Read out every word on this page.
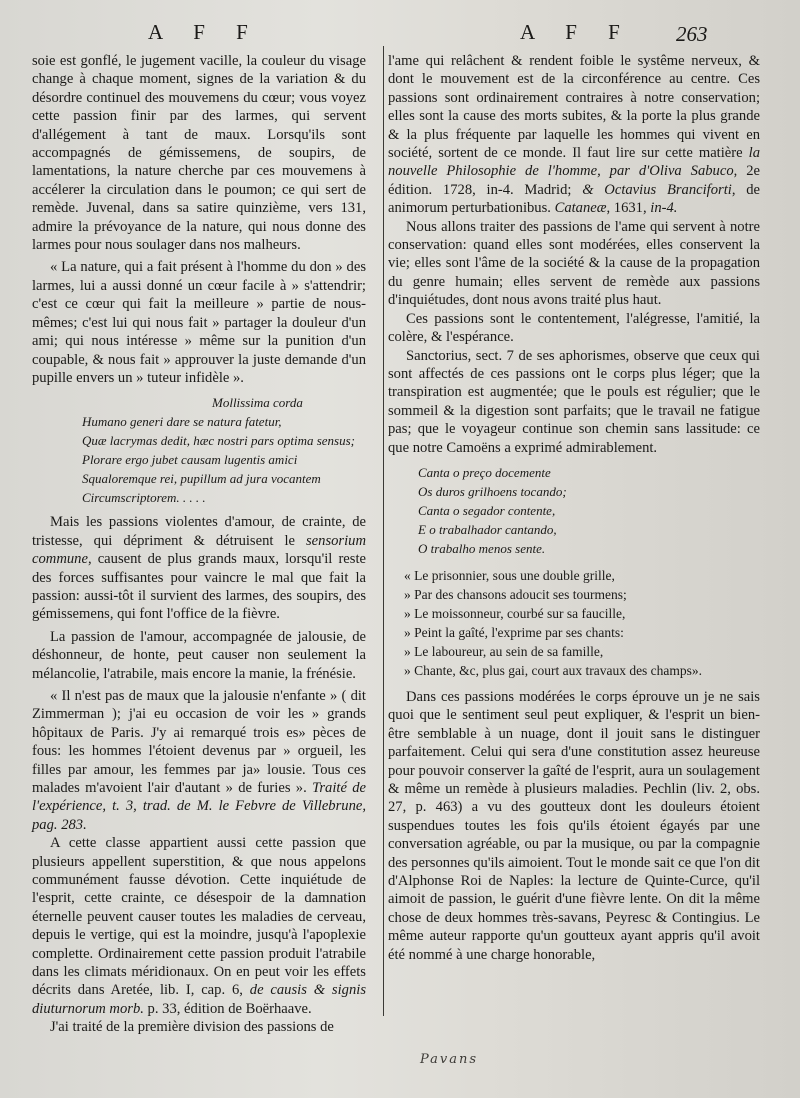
A F F	A F F 263

soie est gonflé, le jugement vacille, la couleur du visage change à chaque moment, signes de la variation & du désordre continuel des mouvemens du cœur; vous voyez cette passion finir par des larmes, qui servent d'allégement à tant de maux. Lorsqu'ils sont accompagnés de gémissemens, de soupirs, de lamentations, la nature cherche par ces mouvemens à accélerer la circulation dans le poumon; ce qui sert de remède. Juvenal, dans sa satire quinzième, vers 131, admire la prévoyance de la nature, qui nous donne des larmes pour nous soulager dans nos malheurs.

« La nature, qui a fait présent à l'homme du don » des larmes, lui a aussi donné un cœur facile à » s'attendrir; c'est ce cœur qui fait la meilleure » partie de nous-mêmes; c'est lui qui nous fait » partager la douleur d'un ami; qui nous intéresse » même sur la punition d'un coupable, & nous fait » approuver la juste demande d'un pupille envers un » tuteur infidèle ».

Mollissima corda
Humano generi dare se natura fatetur,
Quæ lacrymas dedit, hæc nostri pars optima sensus;
Plorare ergo jubet causam lugentis amici
Squaloremque rei, pupillum ad jura vocantem
Circumscriptorem. . . . .

Mais les passions violentes d'amour, de crainte, de tristesse, qui dépriment & détruisent le sensorium commune, causent de plus grands maux, lorsqu'il reste des forces suffisantes pour vaincre le mal que fait la passion: aussi-tôt il survient des larmes, des soupirs, des gémissemens, qui font l'office de la fièvre.

La passion de l'amour, accompagnée de jalousie, de déshonneur, de honte, peut causer non seulement la mélancolie, l'atrabile, mais encore la manie, la frénésie.

« Il n'est pas de maux que la jalousie n'enfante » ( dit Zimmerman ); j'ai eu occasion de voir les » grands hôpitaux de Paris. J'y ai remarqué trois es» pèces de fous: les hommes l'étoient devenus par » orgueil, les filles par amour, les femmes par ja» lousie. Tous ces malades m'avoient l'air d'autant » de furies ». Traité de l'expérience, t. 3, trad. de M. le Febvre de Villebrune, pag. 283.

A cette classe appartient aussi cette passion que plusieurs appellent superstition, & que nous appelons communément fausse dévotion. Cette inquiétude de l'esprit, cette crainte, ce désespoir de la damnation éternelle peuvent causer toutes les maladies de cerveau, depuis le vertige, qui est la moindre, jusqu'à l'apoplexie complette. Ordinairement cette passion produit l'atrabile dans les climats méridionaux. On en peut voir les effets décrits dans Aretée, lib. I, cap. 6, de causis & signis diuturnorum morb. p. 33, édition de Boërhaave.

J'ai traité de la première division des passions de

l'ame qui relâchent & rendent foible le systême nerveux, & dont le mouvement est de la circonférence au centre. Ces passions sont ordinairement contraires à notre conservation; elles sont la cause des morts subites, & la porte la plus grande & la plus fréquente par laquelle les hommes qui vivent en société, sortent de ce monde. Il faut lire sur cette matière la nouvelle Philosophie de l'homme, par d'Oliva Sabuco, 2e édition. 1728, in-4. Madrid; & Octavius Branciforti, de animorum perturbationibus. Cataneæ, 1631, in-4.

Nous allons traiter des passions de l'ame qui servent à notre conservation: quand elles sont modérées, elles conservent la vie; elles sont l'âme de la société & la cause de la propagation du genre humain; elles servent de remède aux passions d'inquiétudes, dont nous avons traité plus haut.

Ces passions sont le contentement, l'alégresse, l'amitié, la colère, & l'espérance.

Sanctorius, sect. 7 de ses aphorismes, observe que ceux qui sont affectés de ces passions ont le corps plus léger; que la transpiration est augmentée; que le pouls est régulier; que le sommeil & la digestion sont parfaits; que le travail ne fatigue pas; que le voyageur continue son chemin sans lassitude: ce que notre Camoëns a exprimé admirablement.

Canta o preço docemente
Os duros grilhoens tocando;
Canta o segador contente,
E o trabalhador cantando,
O trabalho menos sente.
« Le prisonnier, sous une double grille,
» Par des chansons adoucit ses tourmens;
» Le moissonneur, courbé sur sa faucille,
» Peint la gaîté, l'exprime par ses chants:
» Le laboureur, au sein de sa famille,
» Chante, &c, plus gai, court aux travaux des champs».

Dans ces passions modérées le corps éprouve un je ne sais quoi que le sentiment seul peut expliquer, & l'esprit un bien-être semblable à un nuage, dont il jouit sans le distinguer parfaitement. Celui qui sera d'une constitution assez heureuse pour pouvoir conserver la gaîté de l'esprit, aura un soulagement & même un remède à plusieurs maladies. Pechlin (liv. 2, obs. 27, p. 463) a vu des goutteux dont les douleurs étoient suspendues toutes les fois qu'ils étoient égayés par une conversation agréable, ou par la musique, ou par la compagnie des personnes qu'ils aimoient. Tout le monde sait ce que l'on dit d'Alphonse Roi de Naples: la lecture de Quinte-Curce, qu'il aimoit de passion, le guérit d'une fièvre lente. On dit la même chose de deux hommes très-savans, Peyresc & Contingius. Le même auteur rapporte qu'un goutteux ayant appris qu'il avoit été nommé à une charge honorable,

Pavans
